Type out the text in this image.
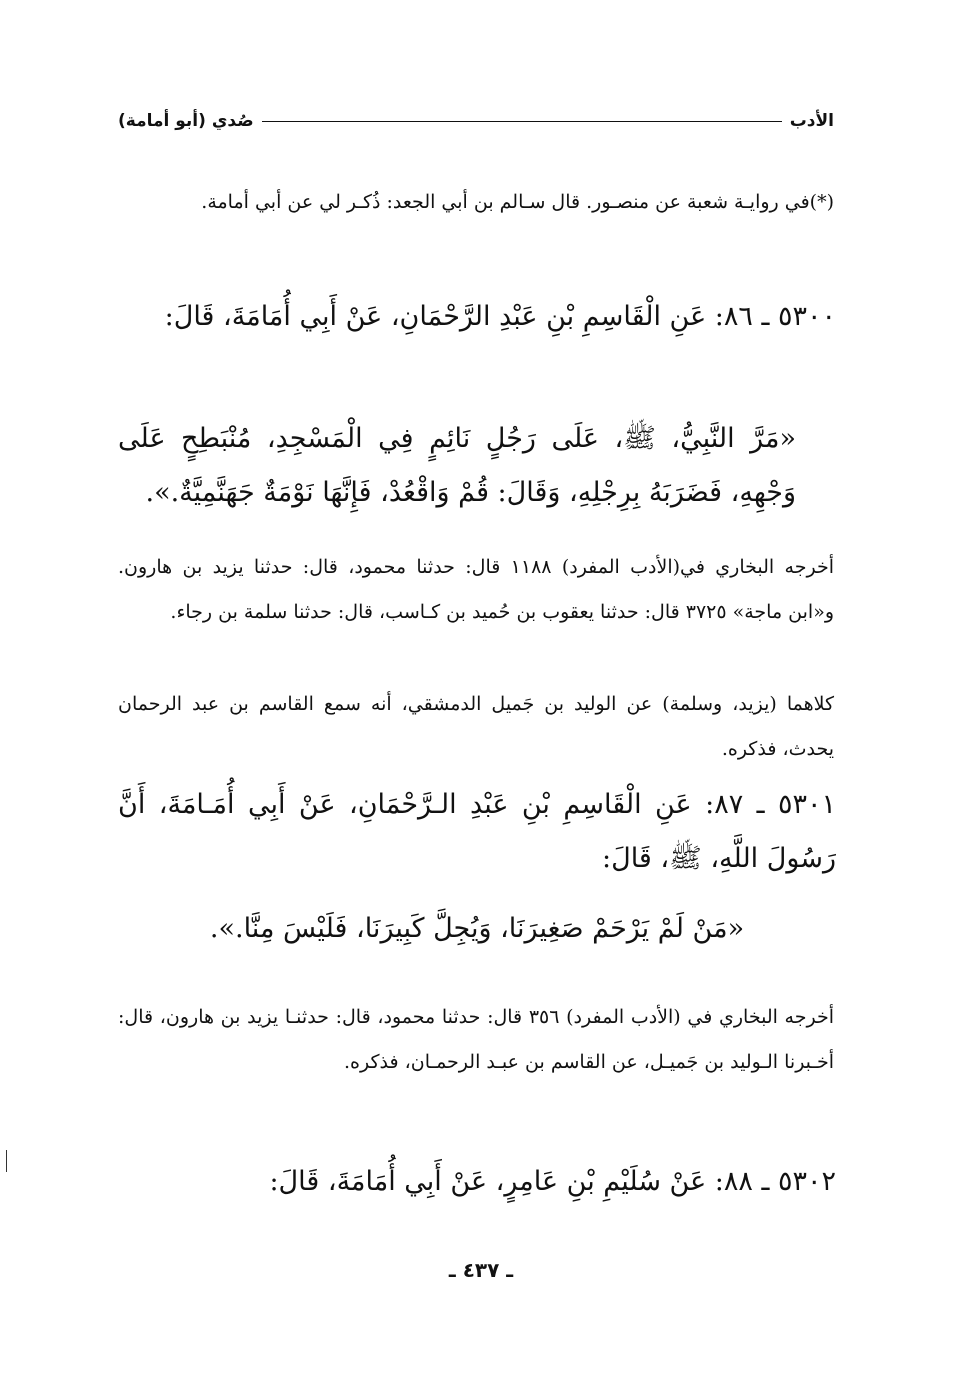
الأدب
صُدي (أبو أمامة)
(*)في روايـة شعبة عن منصـور. قال سـالم بن أبي الجعد: ذُكـر لي عن أبي أمامة.
٥٣٠٠ ـ ٨٦: عَنِ الْقَاسِمِ بْنِ عَبْدِ الرَّحْمَانِ، عَنْ أَبِي أُمَامَةَ، قَالَ:
«مَرَّ النَّبِيُّ، ﷺ، عَلَى رَجُلٍ نَائِمٍ فِي الْمَسْجِدِ، مُنْبَطِحٍ عَلَى وَجْهِهِ، فَضَرَبَهُ بِرِجْلِهِ، وَقَالَ: قُمْ وَاقْعُدْ، فَإِنَّهَا نَوْمَةٌ جَهَنَّمِيَّةٌ.».
أخرجه البخاري في(الأدب المفرد) ١١٨٨ قال: حدثنا محمود، قال: حدثنا يزيد بن هارون. و«ابن ماجة» ٣٧٢٥ قال: حدثنا يعقوب بن حُميد بن كـاسب، قال: حدثنا سلمة بن رجاء.
كلاهما (يزيد، وسلمة) عن الوليد بن جَميل الدمشقي، أنه سمع القاسم بن عبد الرحمان يحدث، فذكره.
٥٣٠١ ـ ٨٧: عَنِ الْقَاسِمِ بْنِ عَبْدِ الـرَّحْمَانِ، عَنْ أَبِي أُمَـامَةَ، أَنَّ رَسُولَ اللَّهِ، ﷺ، قَالَ:
«مَنْ لَمْ يَرْحَمْ صَغِيرَنَا، وَيُجِلَّ كَبِيرَنَا، فَلَيْسَ مِنَّا.».
أخرجه البخاري في (الأدب المفرد) ٣٥٦ قال: حدثنا محمود، قال: حدثنـا يزيد بن هارون، قال: أخـبرنا الـوليد بن جَميـل، عن القاسم بن عبـد الرحمـان، فذكره.
٥٣٠٢ ـ ٨٨: عَنْ سُلَيْمِ بْنِ عَامِرٍ، عَنْ أَبِي أُمَامَةَ، قَالَ:
ـ ٤٣٧ ـ
